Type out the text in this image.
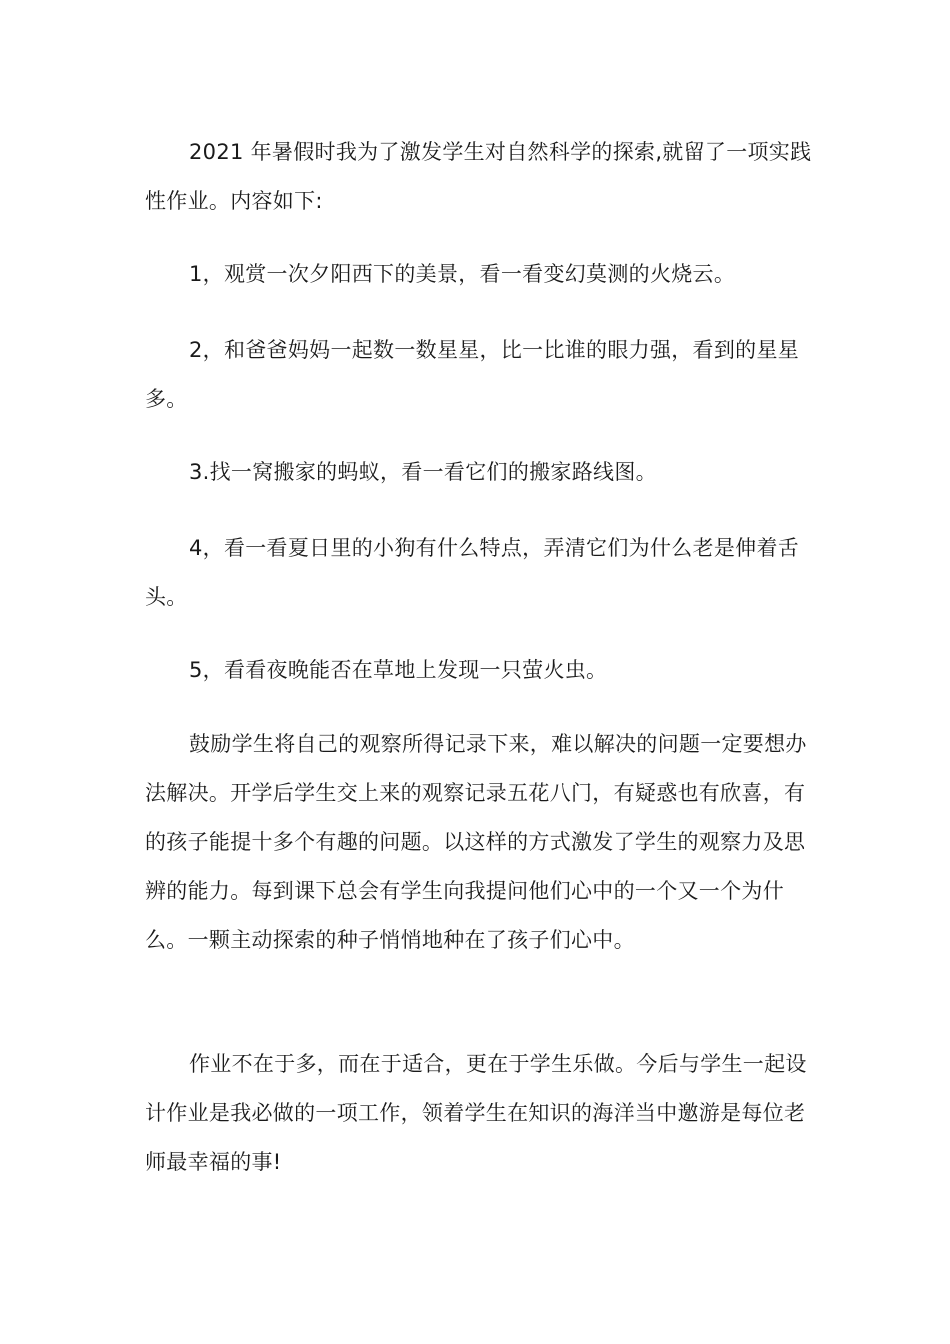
2021 年暑假时我为了激发学生对自然科学的探索,就留了一项实践性作业。内容如下:

1，观赏一次夕阳西下的美景，看一看变幻莫测的火烧云。

2，和爸爸妈妈一起数一数星星，比一比谁的眼力强，看到的星星多。

3.找一窝搬家的蚂蚁，看一看它们的搬家路线图。

4，看一看夏日里的小狗有什么特点，弄清它们为什么老是伸着舌头。

5，看看夜晚能否在草地上发现一只萤火虫。

鼓励学生将自己的观察所得记录下来，难以解决的问题一定要想办法解决。开学后学生交上来的观察记录五花八门，有疑惑也有欣喜，有的孩子能提十多个有趣的问题。以这样的方式激发了学生的观察力及思辨的能力。每到课下总会有学生向我提问他们心中的一个又一个为什么。一颗主动探索的种子悄悄地种在了孩子们心中。

作业不在于多，而在于适合，更在于学生乐做。今后与学生一起设计作业是我必做的一项工作，领着学生在知识的海洋当中邀游是每位老师最幸福的事!
